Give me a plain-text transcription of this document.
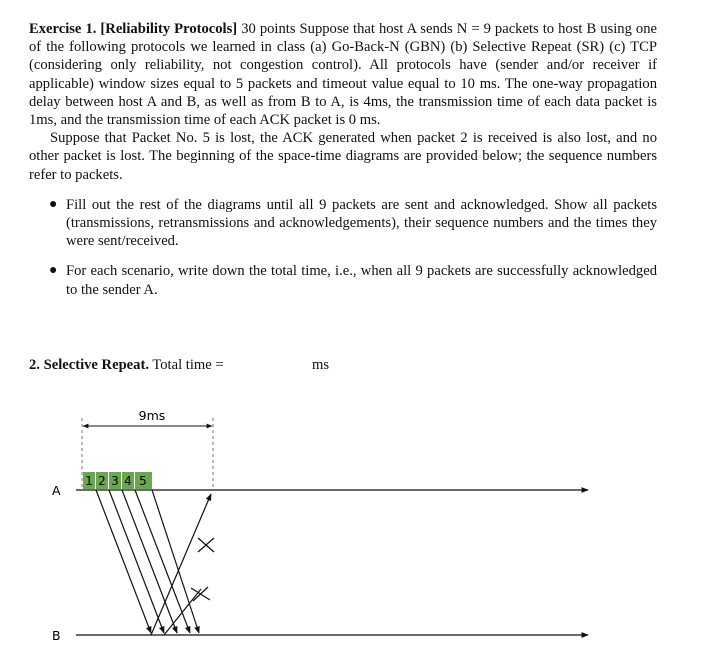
Exercise 1. [Reliability Protocols] 30 points Suppose that host A sends N = 9 packets to host B using one of the following protocols we learned in class (a) Go-Back-N (GBN) (b) Selective Repeat (SR) (c) TCP (considering only reliability, not congestion control). All protocols have (sender and/or receiver if applicable) window sizes equal to 5 packets and timeout value equal to 10 ms. The one-way propagation delay between host A and B, as well as from B to A, is 4ms, the transmission time of each data packet is 1ms, and the transmission time of each ACK packet is 0 ms.

Suppose that Packet No. 5 is lost, the ACK generated when packet 2 is received is also lost, and no other packet is lost. The beginning of the space-time diagrams are provided below; the sequence numbers refer to packets.

● Fill out the rest of the diagrams until all 9 packets are sent and acknowledged. Show all packets (transmissions, retransmissions and acknowledgements), their sequence numbers and the times they were sent/received.
● For each scenario, write down the total time, i.e., when all 9 packets are successfully acknowledged to the sender A.
2. Selective Repeat. Total time =	ms
9ms
A
B
1 2 3 4 5
